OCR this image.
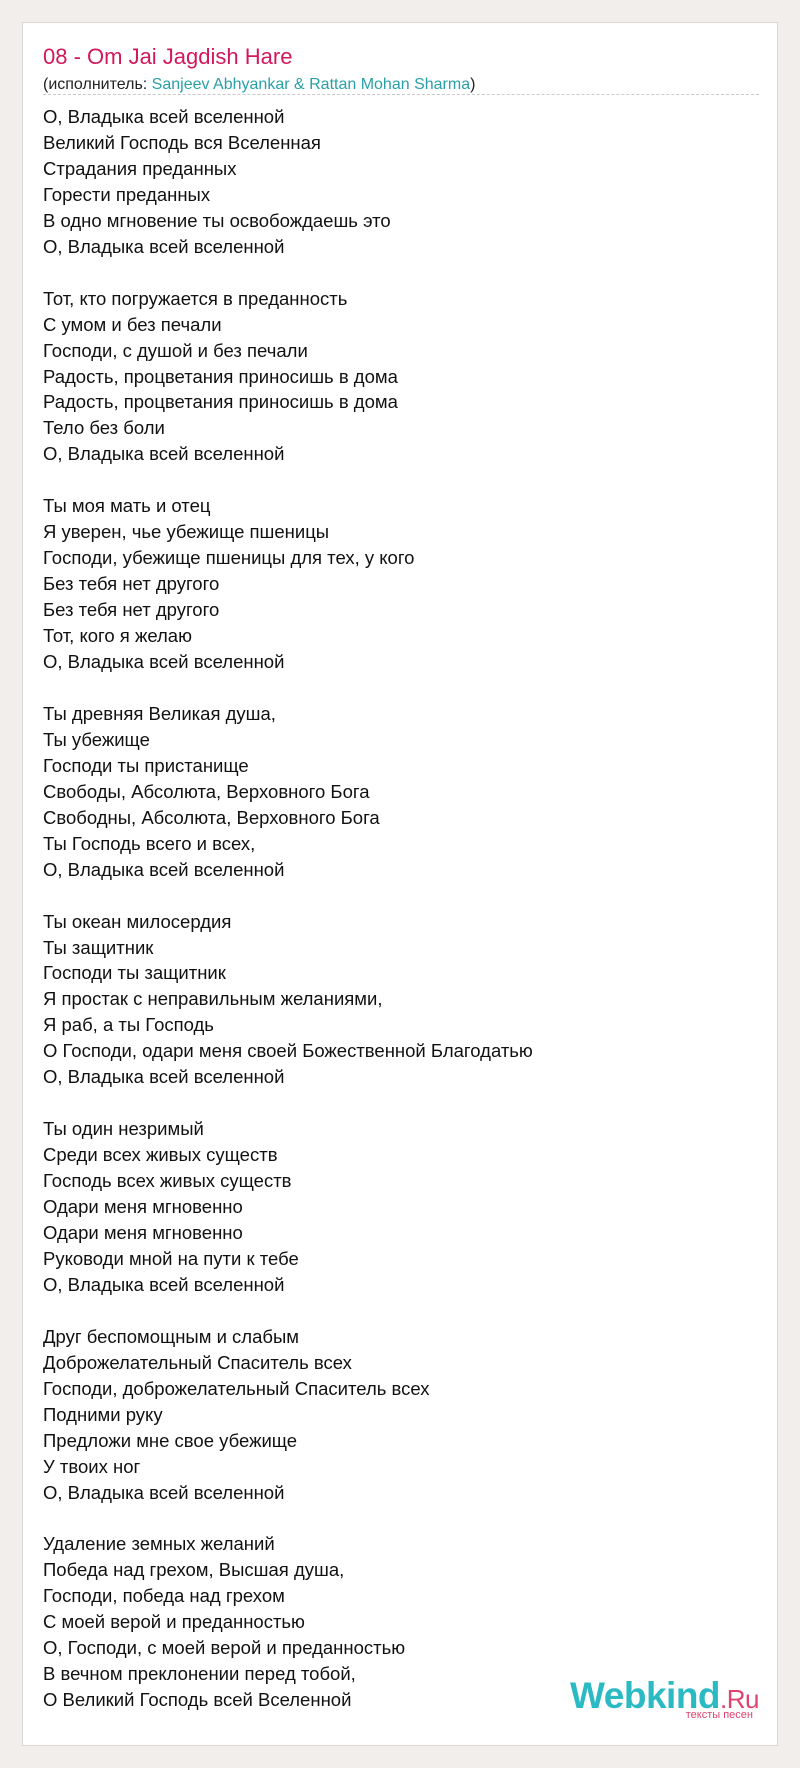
08 - Om Jai Jagdish Hare
(исполнитель: Sanjeev Abhyankar & Rattan Mohan Sharma)
О, Владыка всей вселенной
Великий Господь вся Вселенная
Страдания преданных
Горести преданных
В одно мгновение ты освобождаешь это
О, Владыка всей вселенной

Тот, кто погружается в преданность
С умом и без печали
Господи, с душой и без печали
Радость, процветания приносишь в дома
Радость, процветания приносишь в дома
Тело без боли
О, Владыка всей вселенной

Ты моя мать и отец
Я уверен, чье убежище пшеницы
Господи, убежище пшеницы для тех, у кого
Без тебя нет другого
Без тебя нет другого
Тот, кого я желаю
О, Владыка всей вселенной

Ты древняя Великая душа,
Ты убежище
Господи ты пристанище
Свободы, Абсолюта, Верховного Бога
Свободны, Абсолюта, Верховного Бога
Ты Господь всего и всех,
О, Владыка всей вселенной

Ты океан милосердия
Ты защитник
Господи ты защитник
Я простак с неправильным желаниями,
Я раб, а ты Господь
О Господи, одари меня своей Божественной Благодатью
О, Владыка всей вселенной

Ты один незримый
Среди всех живых существ
Господь всех живых существ
Одари меня мгновенно
Одари меня мгновенно
Руководи мной на пути к тебе
О, Владыка всей вселенной

Друг беспомощным и слабым
Доброжелательный Спаситель всех
Господи, доброжелательный Спаситель всех
Подними руку
Предложи мне свое убежище
У твоих ног
О, Владыка всей вселенной

Удаление земных желаний
Победа над грехом, Высшая душа,
Господи, победа над грехом
С моей верой и преданностью
О, Господи, с моей верой и преданностью
В вечном преклонении перед тобой,
О Великий Господь всей Вселенной	Webkind.Ru
тексты песен
